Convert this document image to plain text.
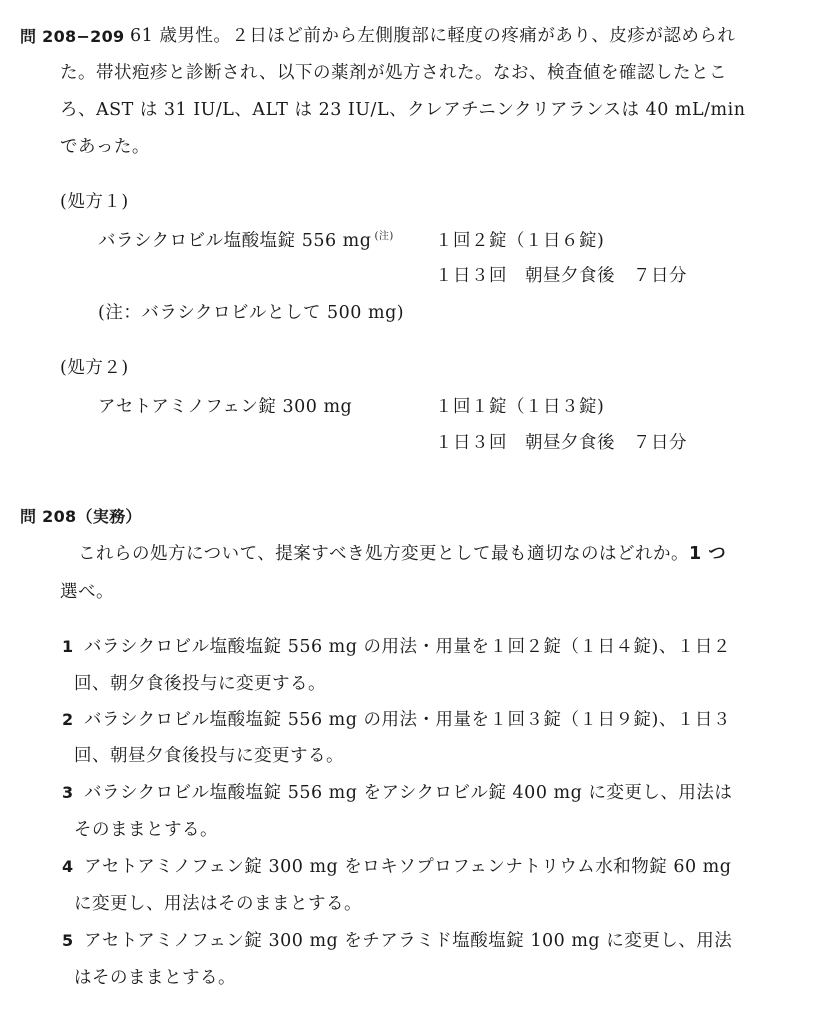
問 208−209 61 歳男性。２日ほど前から左側腹部に軽度の疼痛があり、皮疹が認められ
た。帯状疱疹と診断され、以下の薬剤が処方された。なお、検査値を確認したとこ
ろ、AST は 31 IU/L、ALT は 23 IU/L、クレアチニンクリアランスは 40 mL/min
であった。
(処方１)
バラシクロビル塩酸塩錠 556 mg $^{(注)}$ １回２錠（１日６錠)
１日３回　朝昼夕食後　７日分
(注：バラシクロビルとして 500 mg)
(処方２)
アセトアミノフェン錠 300 mg	１回１錠（１日３錠)
１日３回　朝昼夕食後　７日分
問 208（実務）
これらの処方について、提案すべき処方変更として最も適切なのはどれか。1 つ
選べ。
1 バラシクロビル塩酸塩錠 556 mg の用法・用量を１回２錠（１日４錠)、１日２
回、朝夕食後投与に変更する。
2 バラシクロビル塩酸塩錠 556 mg の用法・用量を１回３錠（１日９錠)、１日３
回、朝昼夕食後投与に変更する。
3 バラシクロビル塩酸塩錠 556 mg をアシクロビル錠 400 mg に変更し、用法は
そのままとする。
4 アセトアミノフェン錠 300 mg をロキソプロフェンナトリウム水和物錠 60 mg
に変更し、用法はそのままとする。
5 アセトアミノフェン錠 300 mg をチアラミド塩酸塩錠 100 mg に変更し、用法
はそのままとする。
